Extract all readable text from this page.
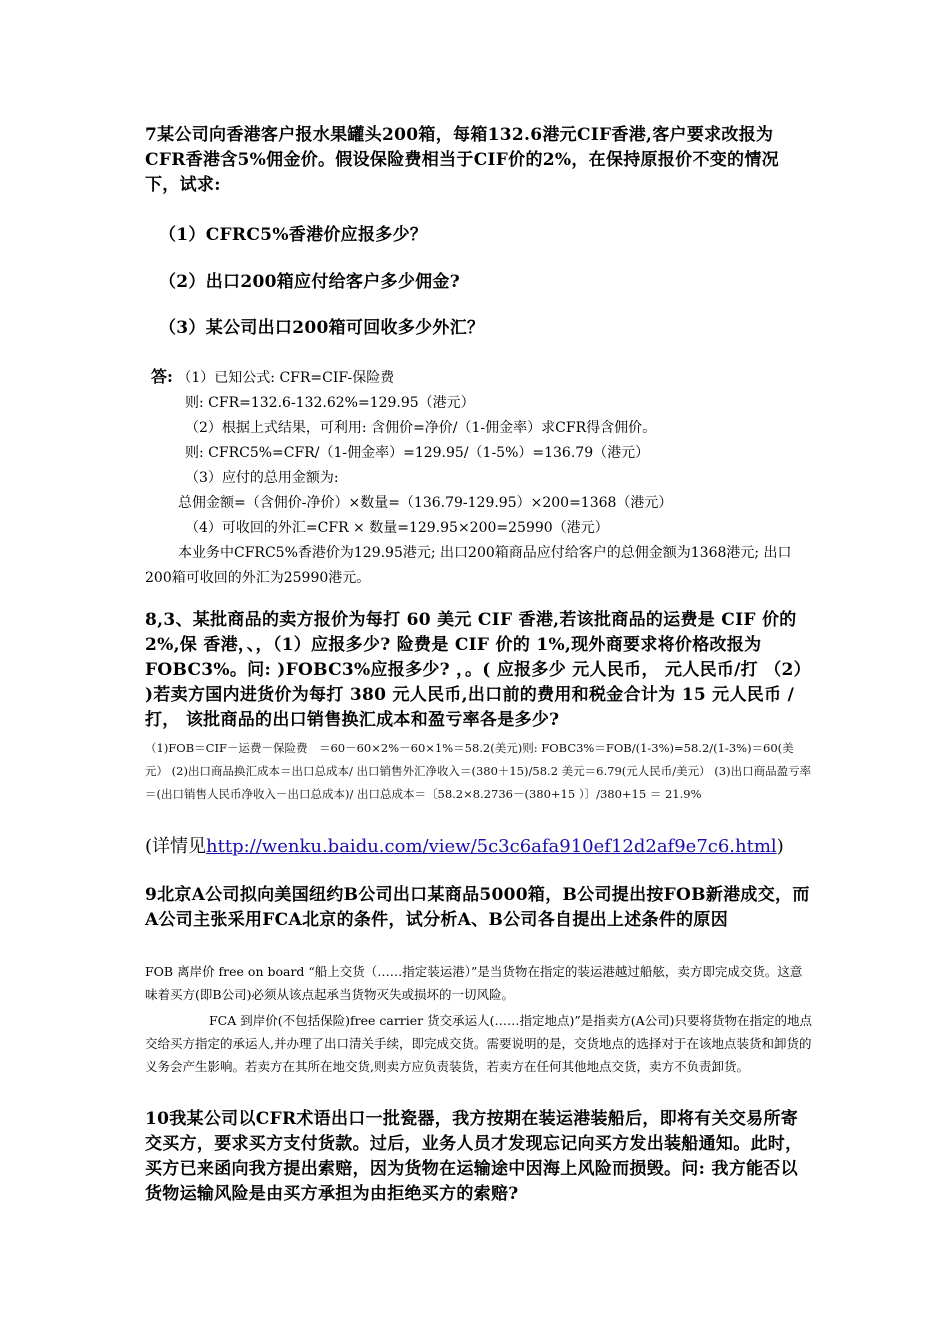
7某公司向香港客户报水果罐头200箱，每箱132.6港元CIF香港,客户要求改报为CFR香港含5%佣金价。假设保险费相当于CIF价的2%，在保持原报价不变的情况下，试求:

（1）CFRC5%香港价应报多少？

（2）出口200箱应付给客户多少佣金?

（3）某公司出口200箱可回收多少外汇？

答: （1）已知公式: CFR=CIF-保险费
则: CFR=132.6-132.62%=129.95（港元）
（2）根据上式结果，可利用: 含佣价=净价/（1-佣金率）求CFR得含佣价。
则: CFRC5%=CFR/（1-佣金率）=129.95/（1-5%）=136.79（港元）
（3）应付的总用金额为:
总佣金额=（含佣价-净价）×数量=（136.79-129.95）×200=1368（港元）
（4）可收回的外汇=CFR × 数量=129.95×200=25990（港元）
本业务中CFRC5%香港价为129.95港元; 出口200箱商品应付给客户的总佣金额为1368港元; 出口200箱可收回的外汇为25990港元。

8,3、某批商品的卖方报价为每打 60 美元 CIF 香港,若该批商品的运费是 CIF 价的 2%,保 香港，、，（1）应报多少? 险费是 CIF 价的 1%,现外商要求将价格改报为 FOBC3%。问: )FOBC3%应报多少? ，。( 应报多少 元人民币， 元人民币/打 （2） )若卖方国内进货价为每打 380 元人民币,出口前的费用和税金合计为 15 元人民币 /打， 该批商品的出口销售换汇成本和盈亏率各是多少?

（1)FOB＝CIF－运费－保险费　＝60－60×2%－60×1%＝58.2(美元)则: FOBC3%＝FOB/(1-3%)=58.2/(1-3%)＝60(美元） (2)出口商品换汇成本＝出口总成本/ 出口销售外汇净收入＝(380＋15)/58.2 美元＝6.79(元人民币/美元） (3)出口商品盈亏率＝(出口销售人民币净收入－出口总成本)/ 出口总成本＝〔58.2×8.2736－(380+15 ）〕/380+15 ＝ 21.9%

(详情见http://wenku.baidu.com/view/5c3c6afa910ef12d2af9e7c6.html)

9北京A公司拟向美国纽约B公司出口某商品5000箱，B公司提出按FOB新港成交，而A公司主张采用FCA北京的条件，试分析A、B公司各自提出上述条件的原因

FOB 离岸价 free on board “船上交货（……指定装运港）”是当货物在指定的装运港越过船舷，卖方即完成交货。这意味着买方(即B公司)必须从该点起承当货物灭失或损坏的一切风险。

FCA 到岸价(不包括保险)free carrier 货交承运人(……指定地点)”是指卖方(A公司)只要将货物在指定的地点交给买方指定的承运人,并办理了出口清关手续，即完成交货。需要说明的是，交货地点的选择对于在该地点装货和卸货的义务会产生影响。若卖方在其所在地交货,则卖方应负责装货，若卖方在任何其他地点交货，卖方不负责卸货。

10我某公司以CFR术语出口一批瓷器，我方按期在装运港装船后，即将有关交易所寄交买方，要求买方支付货款。过后，业务人员才发现忘记向买方发出装船通知。此时，买方已来函向我方提出索赔，因为货物在运输途中因海上风险而损毁。问: 我方能否以货物运输风险是由买方承担为由拒绝买方的索赔?
